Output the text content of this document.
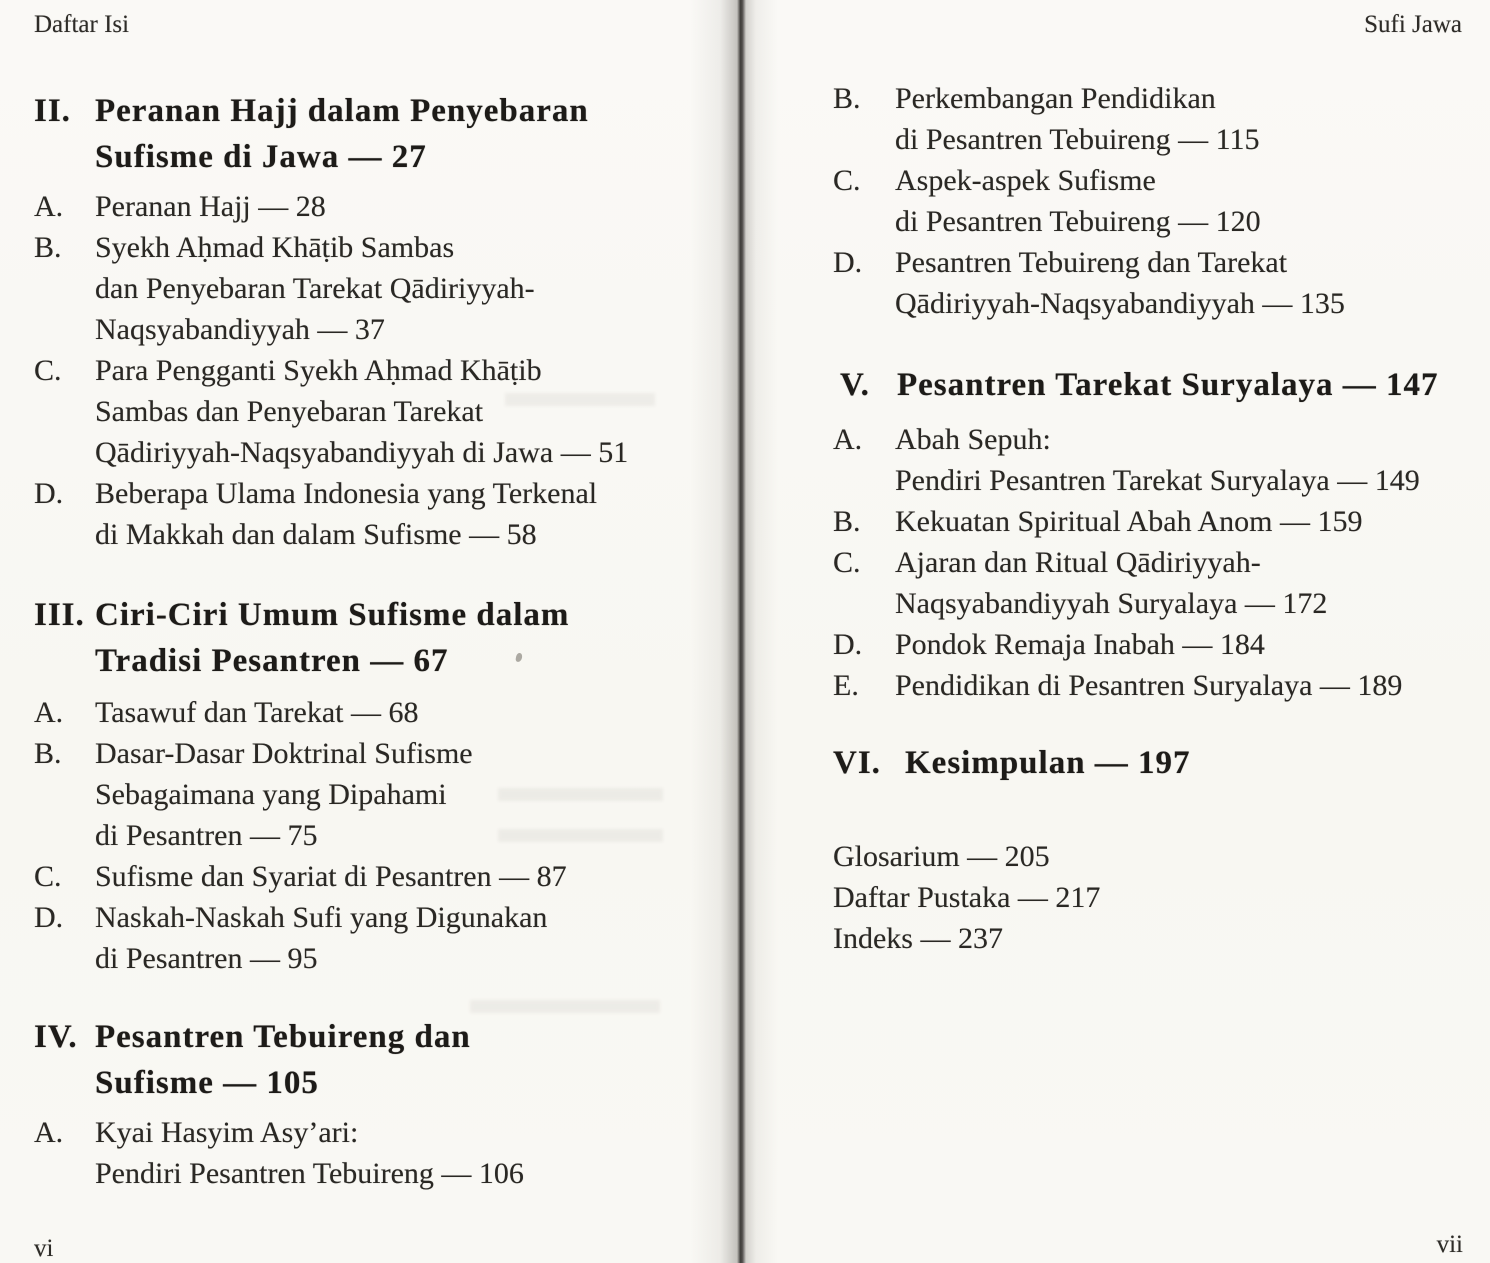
Daftar Isi
II. Peranan Hajj dalam Penyebaran
Sufisme di Jawa — 27
A.	Peranan Hajj — 28
B.	Syekh Aḥmad Khāṭib Sambas
dan Penyebaran Tarekat Qādiriyyah-
Naqsyabandiyyah — 37
C.	Para Pengganti Syekh Aḥmad Khāṭib
Sambas dan Penyebaran Tarekat
Qādiriyyah-Naqsyabandiyyah di Jawa — 51
D.	Beberapa Ulama Indonesia yang Terkenal
di Makkah dan dalam Sufisme — 58
III. Ciri-Ciri Umum Sufisme dalam
Tradisi Pesantren — 67
A.	Tasawuf dan Tarekat — 68
B.	Dasar-Dasar Doktrinal Sufisme
Sebagaimana yang Dipahami
di Pesantren — 75
C.	Sufisme dan Syariat di Pesantren — 87
D.	Naskah-Naskah Sufi yang Digunakan
di Pesantren — 95
IV. Pesantren Tebuireng dan
Sufisme — 105
A.	Kyai Hasyim Asy’ari:
Pendiri Pesantren Tebuireng — 106
vi
Sufi Jawa
B.	Perkembangan Pendidikan
di Pesantren Tebuireng — 115
C.	Aspek-aspek Sufisme
di Pesantren Tebuireng — 120
D.	Pesantren Tebuireng dan Tarekat
Qādiriyyah-Naqsyabandiyyah — 135
V. Pesantren Tarekat Suryalaya — 147
A.	Abah Sepuh:
Pendiri Pesantren Tarekat Suryalaya — 149
B.	Kekuatan Spiritual Abah Anom — 159
C.	Ajaran dan Ritual Qādiriyyah-
Naqsyabandiyyah Suryalaya — 172
D.	Pondok Remaja Inabah — 184
E.	Pendidikan di Pesantren Suryalaya — 189
VI. Kesimpulan — 197
Glosarium — 205
Daftar Pustaka — 217
Indeks — 237
vii
